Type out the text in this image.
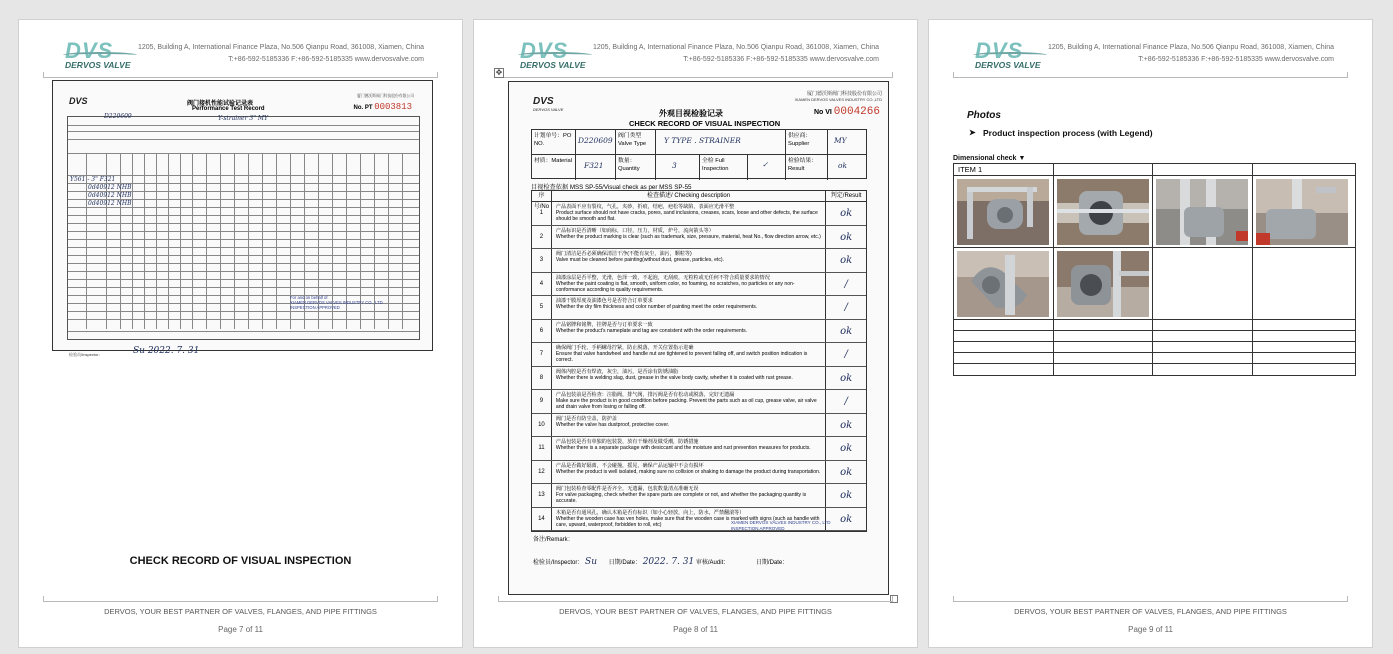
DVS
DERVOS VALVE
1205, Building A, International Finance Plaza, No.506 Qianpu Road, 361008, Xiamen, China
T:+86-592-5185336 F:+86-592-5185335 www.dervosvalve.com
DVS	阀门接机性能试验记录表
Performance Test Record
厦门德沃斯阀门科技股份有限公司
No. PT 0003813
D220609	Y-strainer 3" MY
Y561 - 3" F321
0d40912 NHB
0d40912 NHB
0d40912 NHB
For and on behalf of
XIAMEN DERVOS VALVES INDUSTRY CO., LTD
INSPECTION APPROVED
检验员/Inspector:	Su 2022. 7. 31
CHECK RECORD OF VISUAL INSPECTION
DERVOS, YOUR BEST PARTNER OF VALVES, FLANGES, AND PIPE FITTINGS
Page 7 of 11
DVS
DERVOS VALVE
1205, Building A, International Finance Plaza, No.506 Qianpu Road, 361008, Xiamen, China
T:+86-592-5185336 F:+86-592-5185335 www.dervosvalve.com
✥
DVS
DERVOS VALVE
厦门德沃斯阀门科技股份有限公司
XIAMEN DERVOS VALVES INDUSTRY CO.,LTD
No VI 0004266
外观目视检验记录
CHECK RECORD OF VISUAL INSPECTION
计划单号：PO NO.	D220609 阀门类型 Valve Type	Y TYPE . STRAINER	供应商：Supplier	MY
材质：Material	F321	数量：Quantity	3	全检 Full Inspection	✓	检验结果：Result	ok
目视检查依据 MSS SP-55/Visual check as per MSS SP-55
序号/No
检查描述/ Checking description	判定/Result
1
产品表面不应有裂纹，气孔，夹砂，折痕，结疤，疤松等缺陷，表面应光滑平整
Product surface should not have cracks, pores, sand inclusions, creases, scars, loose and other defects, the surface should be smooth and flat.	ok
2
产品标识是否清晰（如商标，口径，压力，材质，炉号，流向箭头等）
Whether the product marking is clear (such as trademark, size, pressure, material, heat No., flow direction arrow, etc.)	ok
3
阀门清洁是否必须确保清洁干净(不能有灰尘，油污，颗粒等)
Valve must be cleaned before painting(without dust, grease, particles, etc).	ok
4
油漆涂层是否平整，光滑，色泽一致，不起泡，无刮痕，无粒粒或无任何不符合质量要求的情况
Whether the paint coating is flat, smooth, uniform color, no foaming, no scratches, no particles or any non-conformance according to quality requirements.	/
5
油漆干膜厚度及油漆色号是否符合订单要求
Whether the dry film thickness and color number of painting meet the order requirements.	/
6
产品铭牌和铭牌，挂牌是否与订单要求一致
Whether the product's nameplate and tag are consistent with the order requirements.	ok
7
确保阀门手轮，手柄螺母拧紧，防止脱落，开关位置指示进确
Ensure that valve handwheel and handle nut are tightened to prevent falling off, and switch position indication is correct.	/
8
阀体内腔是否有焊渣，灰尘，油污，是否涂有防锈油脂
Whether there is welding slag, dust, grease in the valve body cavity, whether it is coated with rust grease.	ok
9
产品包装前是否检查：注脂阀，排气阀，排污阀是否有松动或脱落，完好无遗漏
Make sure the product is in good condition before packing. Prevent the parts such as oil cup, grease valve, air valve and drain valve from losing or falling off.	/
10
阀门是否有防尘盖，防护盖
Whether the valve has dustproof, protective cover.	ok
11
产品包装是否有单独的包装袋，放有干燥剂及做受潮，防锈措施
Whether there is a separate package with desiccant and the moisture and rust prevention measures for products.	ok
12
产品是否做好隔离，不会碰撞，摇晃，确保产品运输中不会有损坏
Whether the product is well isolated, making sure no collision or shaking to damage the product during transportation.	ok
13
阀门包装检查零配件是否齐全，无遗漏，包装数量清点准确无误
For valve packaging, check whether the spare parts are complete or not, and whether the packaging quantity is accurate.	ok
14
木箱是否有通风孔，确认木箱是否有标识（如小心轻放，向上，防水，严禁翻滚等）
Whether the wooden case has ven holes, make sure that the wooden case is marked with signs (such as handle with care, upward, waterproof, forbidden to roll, etc)	ok
XIAMEN DERVOS VALVES INDUSTRY CO., LTD
INSPECTION APPROVED
备注/Remark：
检验员/Inspector： Su 日期/Date： 2022. 7. 31 审核/Audit：	日期/Date：
DERVOS, YOUR BEST PARTNER OF VALVES, FLANGES, AND PIPE FITTINGS
Page 8 of 11
DVS
DERVOS VALVE
1205, Building A, International Finance Plaza, No.506 Qianpu Road, 361008, Xiamen, China
T:+86-592-5185336 F:+86-592-5185335 www.dervosvalve.com
Photos
➤ Product inspection process (with Legend)
Dimensional check ▼
ITEM 1
DERVOS, YOUR BEST PARTNER OF VALVES, FLANGES, AND PIPE FITTINGS
Page 9 of 11
